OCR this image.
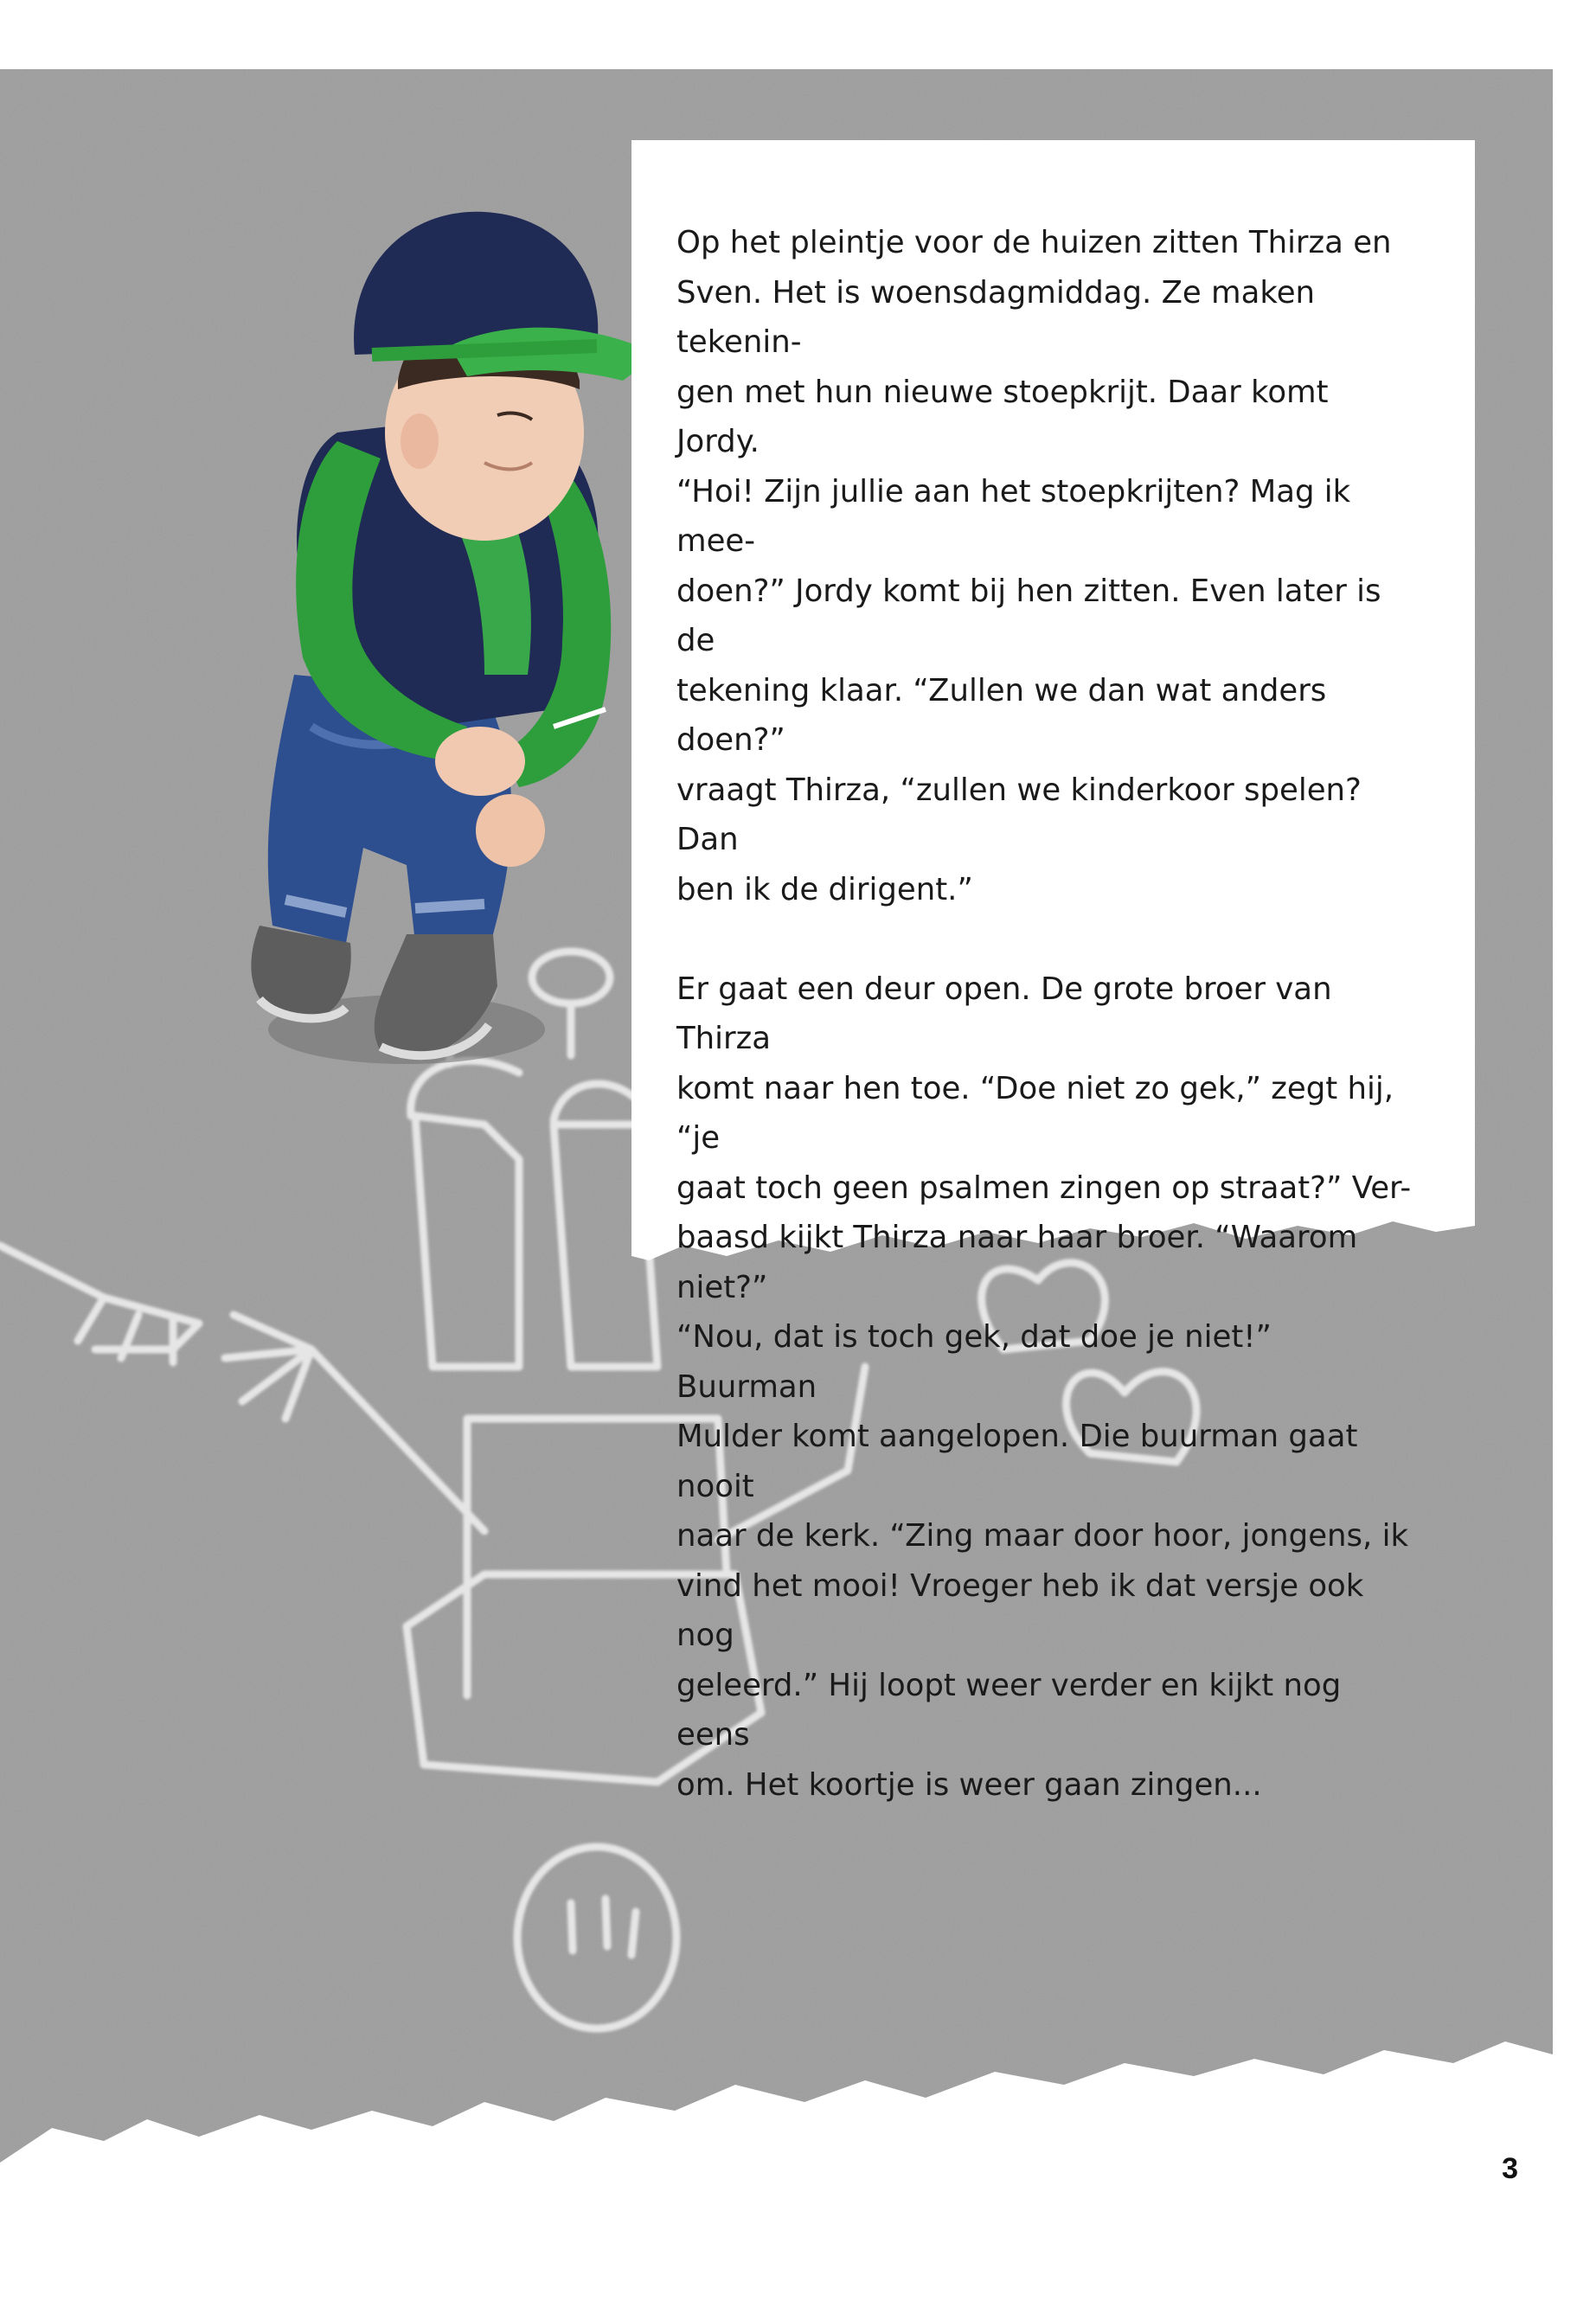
Op het pleintje voor de huizen zitten Thirza en
Sven. Het is woensdagmiddag. Ze maken tekenin-
gen met hun nieuwe stoepkrijt. Daar komt Jordy.
“Hoi! Zijn jullie aan het stoepkrijten? Mag ik mee-
doen?” Jordy komt bij hen zitten. Even later is de
tekening klaar. “Zullen we dan wat anders doen?”
vraagt Thirza, “zullen we kinderkoor spelen? Dan
ben ik de dirigent.”

Er gaat een deur open. De grote broer van Thirza
komt naar hen toe. “Doe niet zo gek,” zegt hij, “je
gaat toch geen psalmen zingen op straat?” Ver-
baasd kijkt Thirza naar haar broer. “Waarom niet?”
“Nou, dat is toch gek, dat doe je niet!” Buurman
Mulder komt aangelopen. Die buurman gaat nooit
naar de kerk. “Zing maar door hoor, jongens, ik
vind het mooi! Vroeger heb ik dat versje ook nog
geleerd.” Hij loopt weer verder en kijkt nog eens
om. Het koortje is weer gaan zingen...

3
